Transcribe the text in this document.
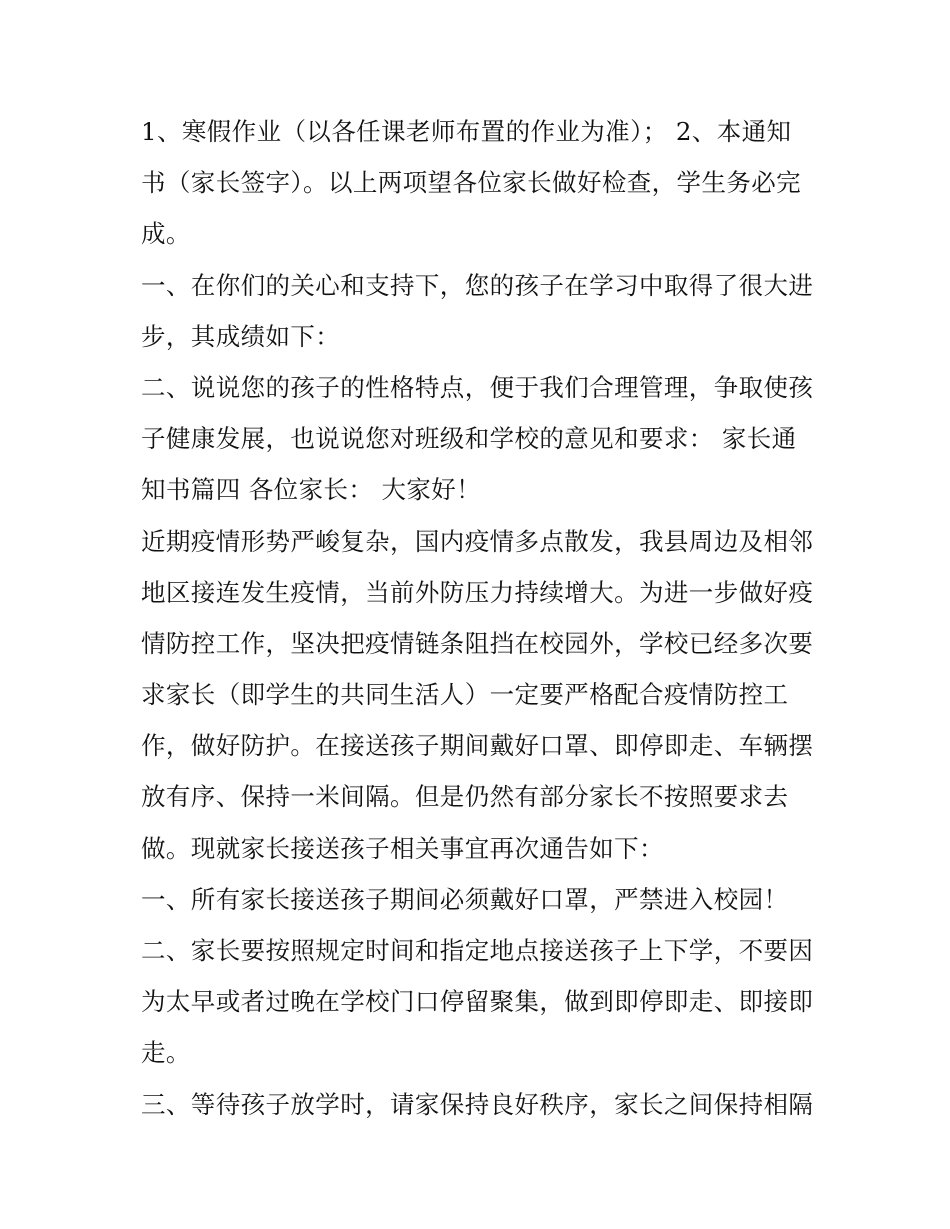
1、寒假作业（以各任课老师布置的作业为准）； 2、本通知
书（家长签字）。以上两项望各位家长做好检查，学生务必完
成。
一、在你们的关心和支持下，您的孩子在学习中取得了很大进
步，其成绩如下：
二、说说您的孩子的性格特点，便于我们合理管理，争取使孩
子健康发展，也说说您对班级和学校的意见和要求： 家长通
知书篇四 各位家长： 大家好！
近期疫情形势严峻复杂，国内疫情多点散发，我县周边及相邻
地区接连发生疫情，当前外防压力持续增大。为进一步做好疫
情防控工作，坚决把疫情链条阻挡在校园外，学校已经多次要
求家长（即学生的共同生活人）一定要严格配合疫情防控工
作，做好防护。在接送孩子期间戴好口罩、即停即走、车辆摆
放有序、保持一米间隔。但是仍然有部分家长不按照要求去
做。现就家长接送孩子相关事宜再次通告如下：
一、所有家长接送孩子期间必须戴好口罩，严禁进入校园！
二、家长要按照规定时间和指定地点接送孩子上下学，不要因
为太早或者过晚在学校门口停留聚集，做到即停即走、即接即
走。
三、等待孩子放学时，请家保持良好秩序，家长之间保持相隔
